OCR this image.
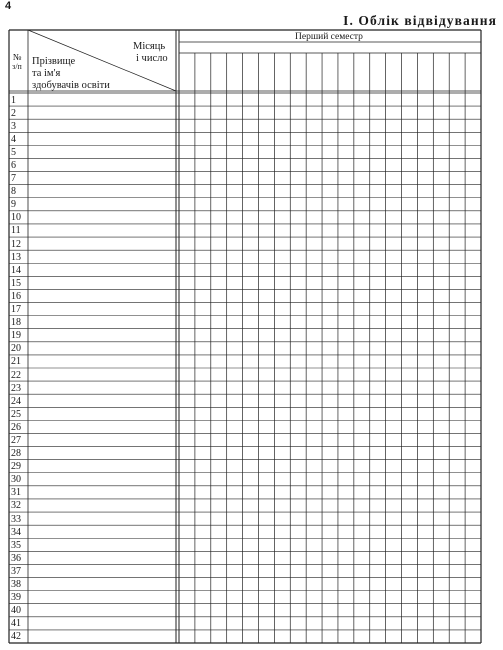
4
І. Облік відвідування
№
з/п
Місяць
і число
Прізвище
та ім'я
здобувачів освіти
Перший семестр
1
2
3
4
5
6
7
8
9
10
11
12
13
14
15
16
17
18
19
20
21
22
23
24
25
26
27
28
29
30
31
32
33
34
35
36
37
38
39
40
41
42
